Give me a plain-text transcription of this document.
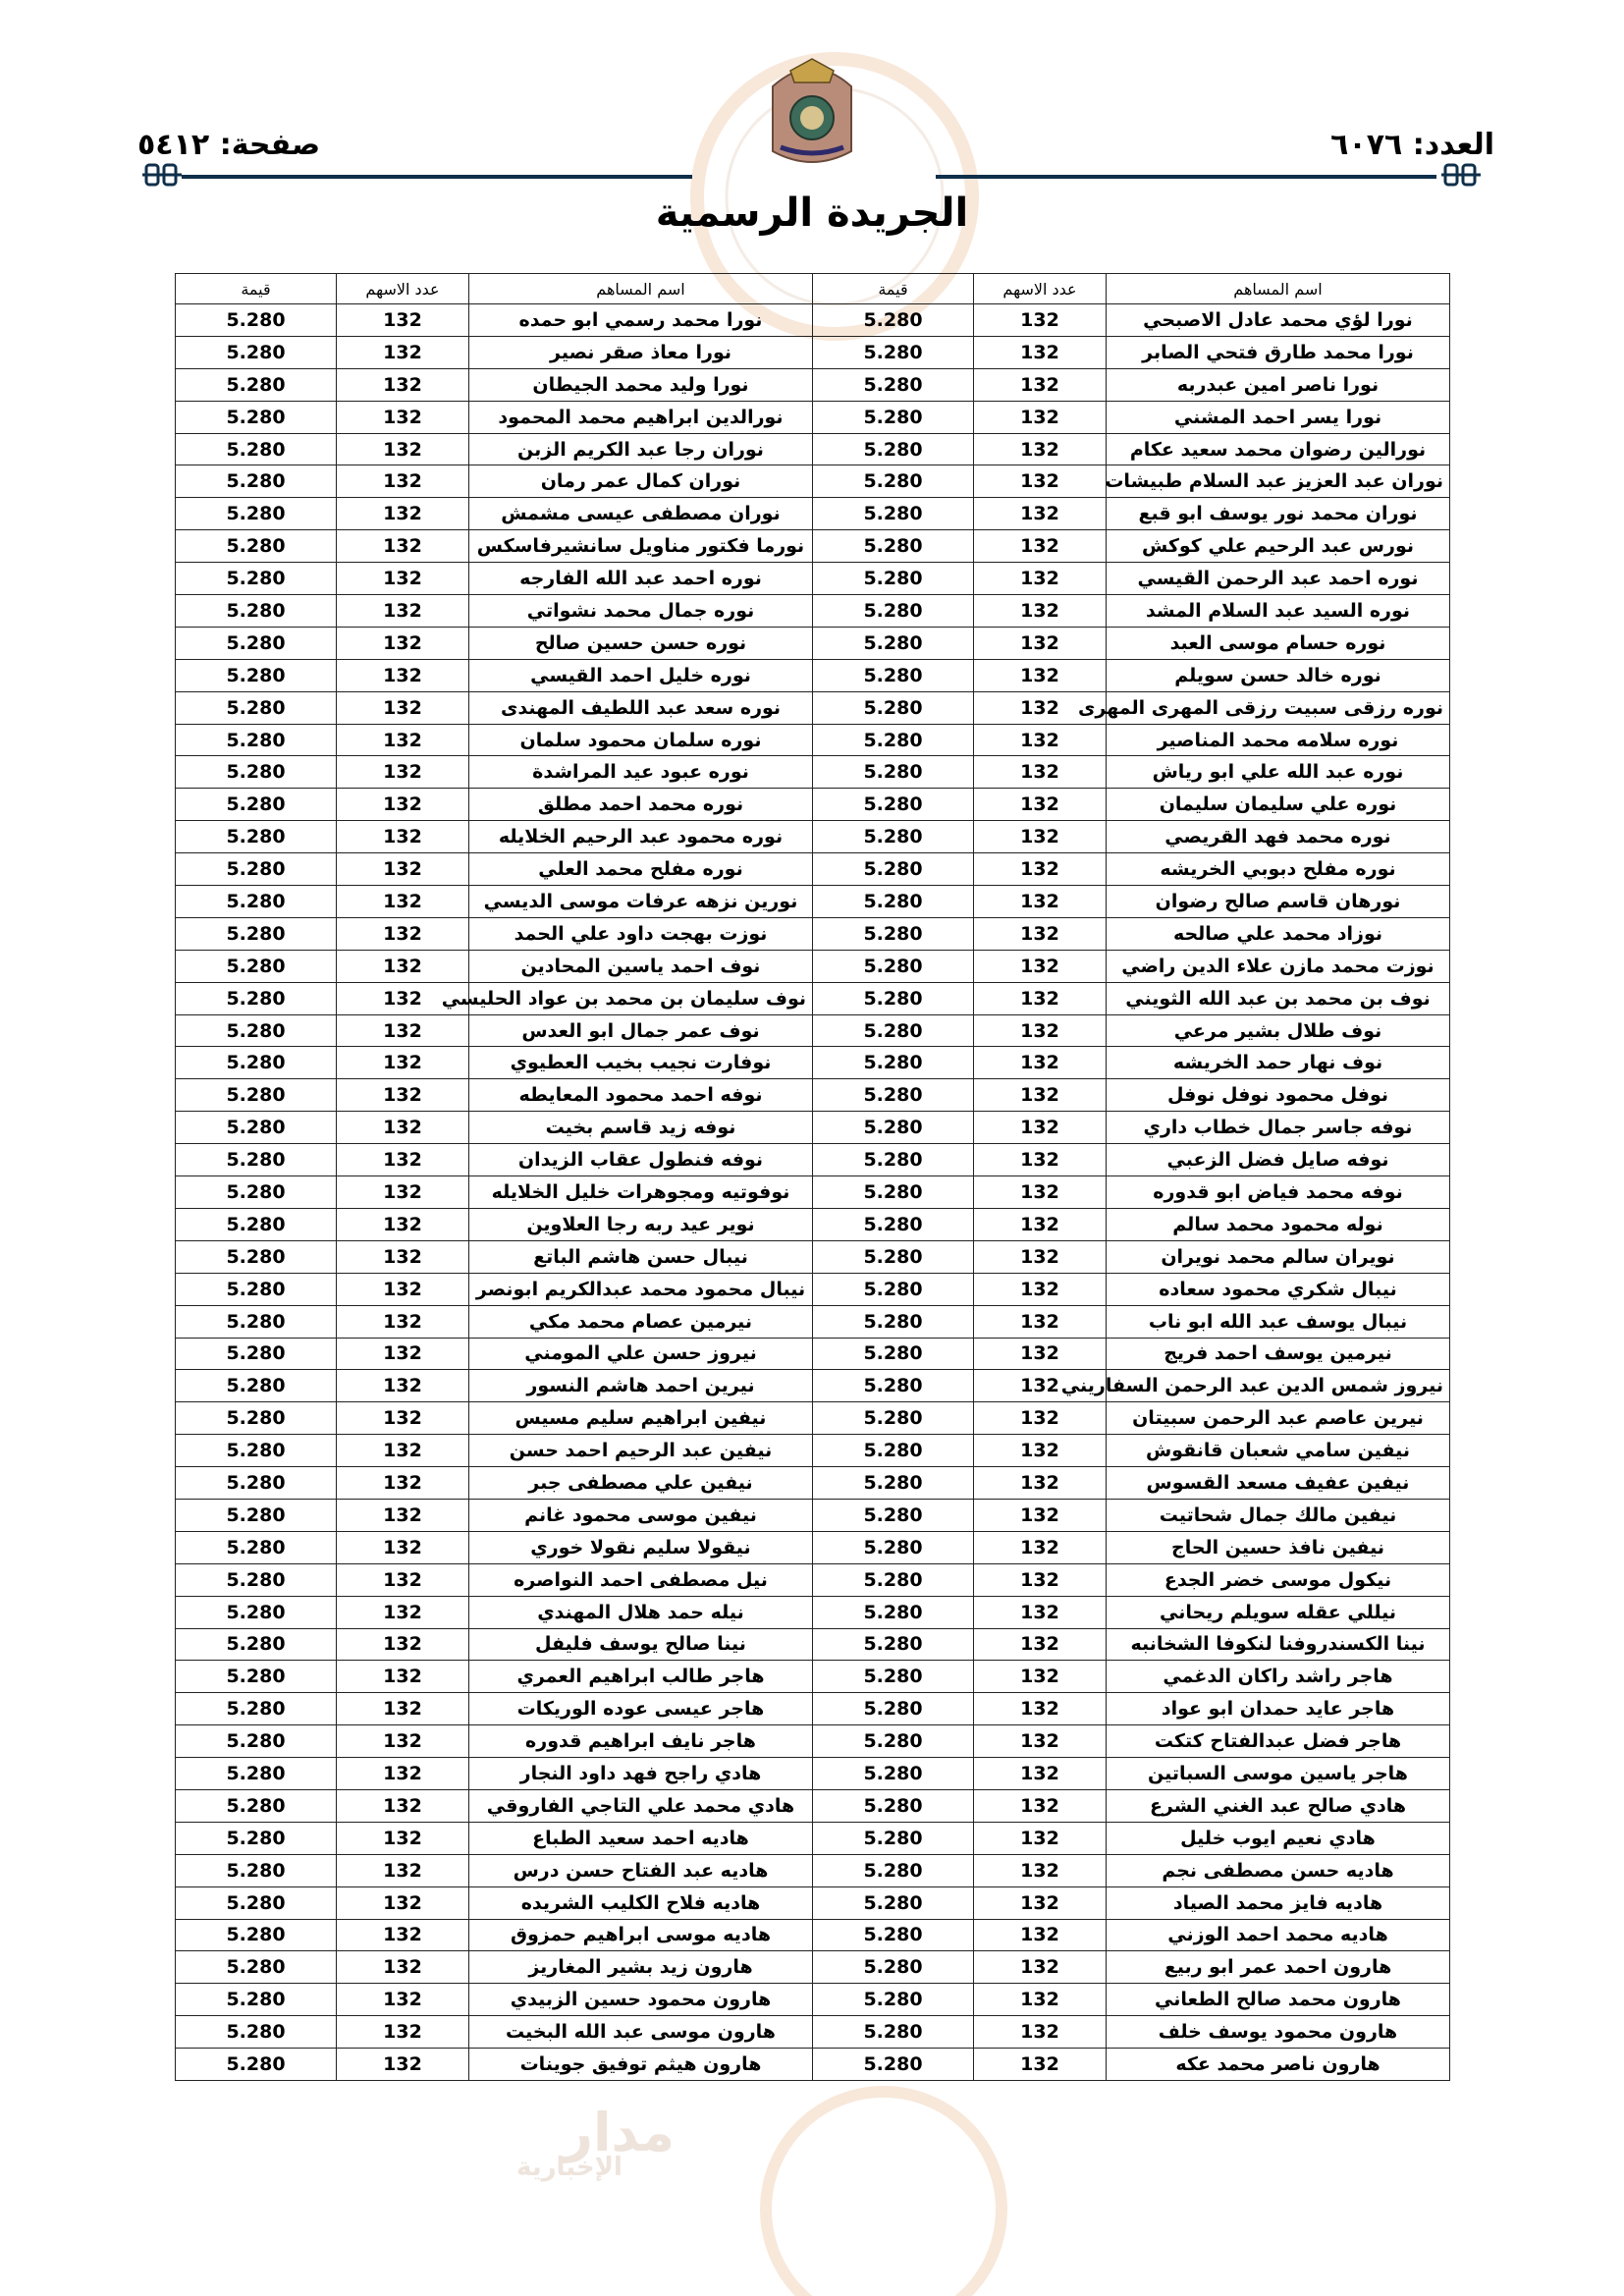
مدار
الإخبارية
العدد: ٦٠٧٦
صفحة: ٥٤١٢
الجريدة الرسمية
اسم المساهم	عدد الاسهم	قيمة	اسم المساهم	عدد الاسهم	قيمة
نورا لؤي محمد عادل الاصبحي	132	5.280	نورا محمد رسمي ابو حمده	132	5.280
نورا محمد طارق فتحي الصابر	132	5.280	نورا معاذ صقر نصير	132	5.280
نورا ناصر امين عبدربه	132	5.280	نورا وليد محمد الجيطان	132	5.280
نورا يسر احمد المشني	132	5.280	نورالدين ابراهيم محمد المحمود	132	5.280
نورالين رضوان محمد سعيد عكام	132	5.280	نوران رجا عبد الكريم الزبن	132	5.280
نوران عبد العزيز عبد السلام طبيشات	132	5.280	نوران كمال عمر رمان	132	5.280
نوران محمد نور يوسف ابو قبع	132	5.280	نوران مصطفى عيسى مشمش	132	5.280
نورس عبد الرحيم علي كوكش	132	5.280	نورما فكتور مناويل سانشيرفاسكس	132	5.280
نوره احمد عبد الرحمن القيسي	132	5.280	نوره احمد عبد الله الفارجه	132	5.280
نوره السيد عبد السلام المشد	132	5.280	نوره جمال محمد نشواتي	132	5.280
نوره حسام موسى العبد	132	5.280	نوره حسن حسين صالح	132	5.280
نوره خالد حسن سويلم	132	5.280	نوره خليل احمد القيسي	132	5.280
نوره رزقى سبيت رزقى المهرى المهرى	132	5.280	نوره سعد عبد اللطيف المهندى	132	5.280
نوره سلامه محمد المناصير	132	5.280	نوره سلمان محمود سلمان	132	5.280
نوره عبد الله علي ابو رياش	132	5.280	نوره عبود عيد المراشدة	132	5.280
نوره علي سليمان سليمان	132	5.280	نوره محمد احمد مطلق	132	5.280
نوره محمد فهد القريصي	132	5.280	نوره محمود عبد الرحيم الخلايله	132	5.280
نوره مفلح دبوبي الخريشه	132	5.280	نوره مفلح محمد العلي	132	5.280
نورهان قاسم صالح رضوان	132	5.280	نورين نزهه عرفات موسى الديسي	132	5.280
نوزاد محمد علي صالحه	132	5.280	نوزت بهجت داود علي الحمد	132	5.280
نوزت محمد مازن علاء الدين راضي	132	5.280	نوف احمد ياسين المحادين	132	5.280
نوف بن محمد بن عبد الله الثويني	132	5.280	نوف سليمان بن محمد بن عواد الحليسي	132	5.280
نوف طلال بشير مرعي	132	5.280	نوف عمر جمال ابو العدس	132	5.280
نوف نهار حمد الخريشه	132	5.280	نوفارت نجيب بخيب العطيوي	132	5.280
نوفل محمود نوفل نوفل	132	5.280	نوفه احمد محمود المعايطه	132	5.280
نوفه جاسر جمال خطاب داري	132	5.280	نوفه زيد قاسم بخيت	132	5.280
نوفه صايل فضل الزعبي	132	5.280	نوفه فنطول عقاب الزيدان	132	5.280
نوفه محمد فياض ابو قدوره	132	5.280	نوفوتيه ومجوهرات خليل الخلايله	132	5.280
نوله محمود محمد سالم	132	5.280	نوير عيد ربه رجا العلاوين	132	5.280
نويران سالم محمد نويران	132	5.280	نيبال حسن هاشم الباتع	132	5.280
نيبال شكري محمود سعاده	132	5.280	نيبال محمود محمد عبدالكريم ابونصر	132	5.280
نيبال يوسف عبد الله ابو ناب	132	5.280	نيرمين عصام محمد مكي	132	5.280
نيرمين يوسف احمد فريج	132	5.280	نيروز حسن علي المومني	132	5.280
نيروز شمس الدين عبد الرحمن السفاريني	132	5.280	نيرين احمد هاشم النسور	132	5.280
نيرين عاصم عبد الرحمن سبيتان	132	5.280	نيفين ابراهيم سليم مسيس	132	5.280
نيفين سامي شعبان قانقوش	132	5.280	نيفين عبد الرحيم احمد حسن	132	5.280
نيفين عفيف مسعد القسوس	132	5.280	نيفين علي مصطفى جبر	132	5.280
نيفين مالك جمال شحاتيت	132	5.280	نيفين موسى محمود غانم	132	5.280
نيفين نافذ حسين الحاج	132	5.280	نيقولا سليم نقولا خوري	132	5.280
نيكول موسى خضر الجدع	132	5.280	نيل مصطفى احمد النواصره	132	5.280
نيللي عقله سويلم ريحاني	132	5.280	نيله حمد هلال المهندي	132	5.280
نينا الكسندروفنا لنكوفا الشخانبه	132	5.280	نينا صالح يوسف فليفل	132	5.280
هاجر راشد راكان الدغمي	132	5.280	هاجر طالب ابراهيم العمري	132	5.280
هاجر عايد حمدان ابو عواد	132	5.280	هاجر عيسى عوده الوريكات	132	5.280
هاجر فضل عبدالفتاح كتكت	132	5.280	هاجر نايف ابراهيم قدوره	132	5.280
هاجر ياسين موسى السباتين	132	5.280	هادي راجح فهد داود النجار	132	5.280
هادي صالح عبد الغني الشرع	132	5.280	هادي محمد علي التاجي الفاروقي	132	5.280
هادي نعيم ايوب خليل	132	5.280	هاديه احمد سعيد الطباع	132	5.280
هاديه حسن مصطفى نجم	132	5.280	هاديه عبد الفتاح حسن درس	132	5.280
هاديه فايز محمد الصياد	132	5.280	هاديه فلاح الكليب الشريده	132	5.280
هاديه محمد احمد الوزني	132	5.280	هاديه موسى ابراهيم حمزوق	132	5.280
هارون احمد عمر ابو ربيع	132	5.280	هارون زيد بشير المغاريز	132	5.280
هارون محمد صالح الطعاني	132	5.280	هارون محمود حسين الزبيدي	132	5.280
هارون محمود يوسف خلف	132	5.280	هارون موسى عبد الله البخيت	132	5.280
هارون ناصر محمد عكه	132	5.280	هارون هيثم توفيق جوينات	132	5.280
